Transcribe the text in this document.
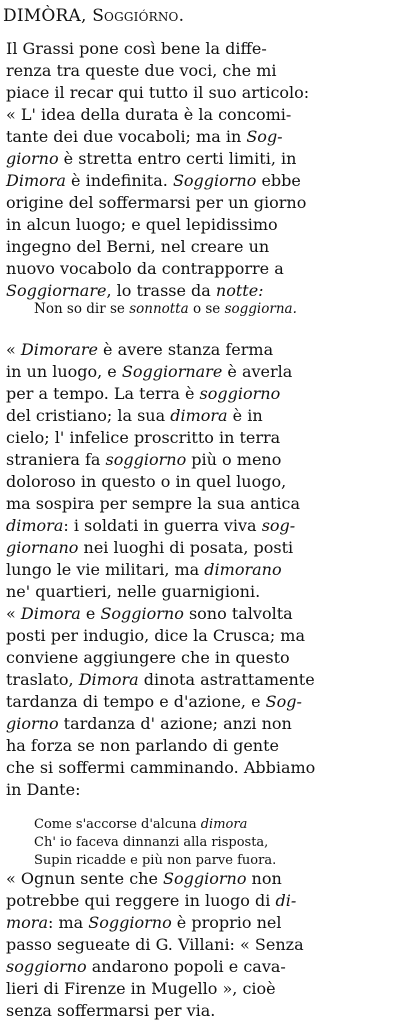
DIMÒRA, Soggiórno.
Il Grassi pone così bene la diffe-
renza tra queste due voci, che mi
piace il recar qui tutto il suo articolo:
« L' idea della durata è la concomi-
tante dei due vocaboli; ma in Sog-
giorno è stretta entro certi limiti, in
Dimora è indefinita. Soggiorno ebbe
origine del soffermarsi per un giorno
in alcun luogo; e quel lepidissimo
ingegno del Berni, nel creare un
nuovo vocabolo da contrapporre a
Soggiornare, lo trasse da notte:
Non so dir se sonnotta o se soggiorna.
« Dimorare è avere stanza ferma
in un luogo, e Soggiornare è averla
per a tempo. La terra è soggiorno
del cristiano; la sua dimora è in
cielo; l' infelice proscritto in terra
straniera fa soggiorno più o meno
doloroso in questo o in quel luogo,
ma sospira per sempre la sua antica
dimora: i soldati in guerra viva sog-
giornano nei luoghi di posata, posti
lungo le vie militari, ma dimorano
ne' quartieri, nelle guarnigioni.
« Dimora e Soggiorno sono talvolta
posti per indugio, dice la Crusca; ma
conviene aggiungere che in questo
traslato, Dimora dinota astrattamente
tardanza di tempo e d'azione, e Sog-
giorno tardanza d' azione; anzi non
ha forza se non parlando di gente
che si soffermi camminando. Abbiamo
in Dante:
Come s'accorse d'alcuna dimora
Ch' io faceva dinnanzi alla risposta,
Supin ricadde e più non parve fuora.
« Ognun sente che Soggiorno non
potrebbe qui reggere in luogo di di-
mora: ma Soggiorno è proprio nel
passo segueate di G. Villani: « Senza
soggiorno andarono popoli e cava-
lieri di Firenze in Mugello », cioè
senza soffermarsi per via.
